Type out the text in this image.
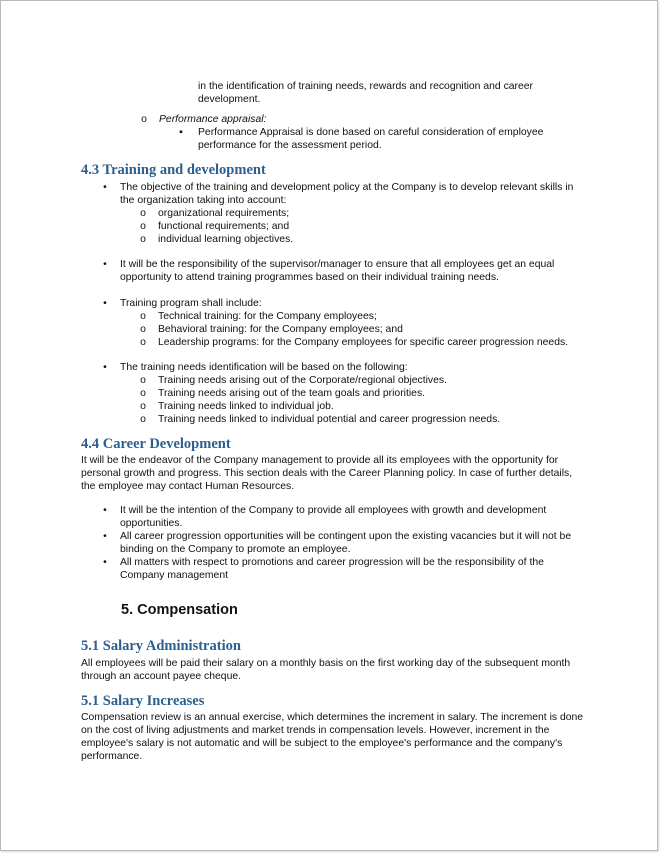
in the identification of training needs, rewards and recognition and career development.
o Performance appraisal:
▪	Performance Appraisal is done based on careful consideration of employee performance for the assessment period.
4.3 Training and development
•	The objective of the training and development policy at the Company is to develop relevant skills in the organization taking into account:
o organizational requirements;
o functional requirements; and
o individual learning objectives.
•	It will be the responsibility of the supervisor/manager to ensure that all employees get an equal opportunity to attend training programmes based on their individual training needs.
•	Training program shall include:
o Technical training: for the Company employees;
o Behavioral training: for the Company employees; and
o Leadership programs: for the Company employees for specific career progression needs.
•	The training needs identification will be based on the following:
o Training needs arising out of the Corporate/regional objectives.
o Training needs arising out of the team goals and priorities.
o Training needs linked to individual job.
o Training needs linked to individual potential and career progression needs.
4.4 Career Development
It will be the endeavor of the Company management to provide all its employees with the opportunity for personal growth and progress. This section deals with the Career Planning policy. In case of further details, the employee may contact Human Resources.
•	It will be the intention of the Company to provide all employees with growth and development opportunities.
•	All career progression opportunities will be contingent upon the existing vacancies but it will not be binding on the Company to promote an employee.
•	All matters with respect to promotions and career progression will be the responsibility of the Company management
5. Compensation
5.1 Salary Administration
All employees will be paid their salary on a monthly basis on the first working day of the subsequent month through an account payee cheque.
5.1 Salary Increases
Compensation review is an annual exercise, which determines the increment in salary. The increment is done on the cost of living adjustments and market trends in compensation levels. However, increment in the employee's salary is not automatic and will be subject to the employee's performance and the company's performance.
